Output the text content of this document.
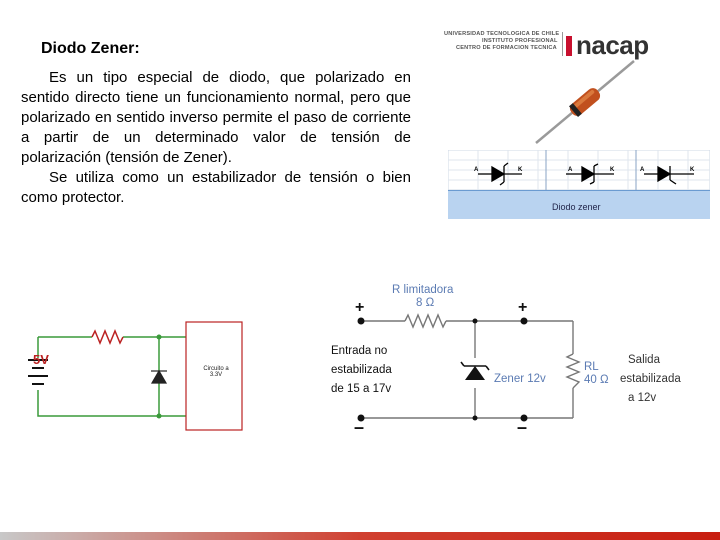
Diodo Zener:

Es un tipo especial de diodo, que polarizado en sentido directo tiene un funcionamiento normal, pero que polarizado en sentido inverso permite el paso de corriente a partir de un determinado valor de tensión de polarización (tensión de Zener).

Se utiliza como un estabilizador de tensión o bien como protector.

UNIVERSIDAD TECNOLOGICA DE CHILE
INSTITUTO PROFESIONAL
CENTRO DE FORMACION TECNICA nacap
A	K	A	K	A	K
Diodo zener
5V
Circuito a
3.3V
R limitadora
8 Ω
+	+
–	–
Entrada no
estabilizada
de 15 a 17v
Zener 12v
RL
40 Ω
Salida
estabilizada
a 12v
